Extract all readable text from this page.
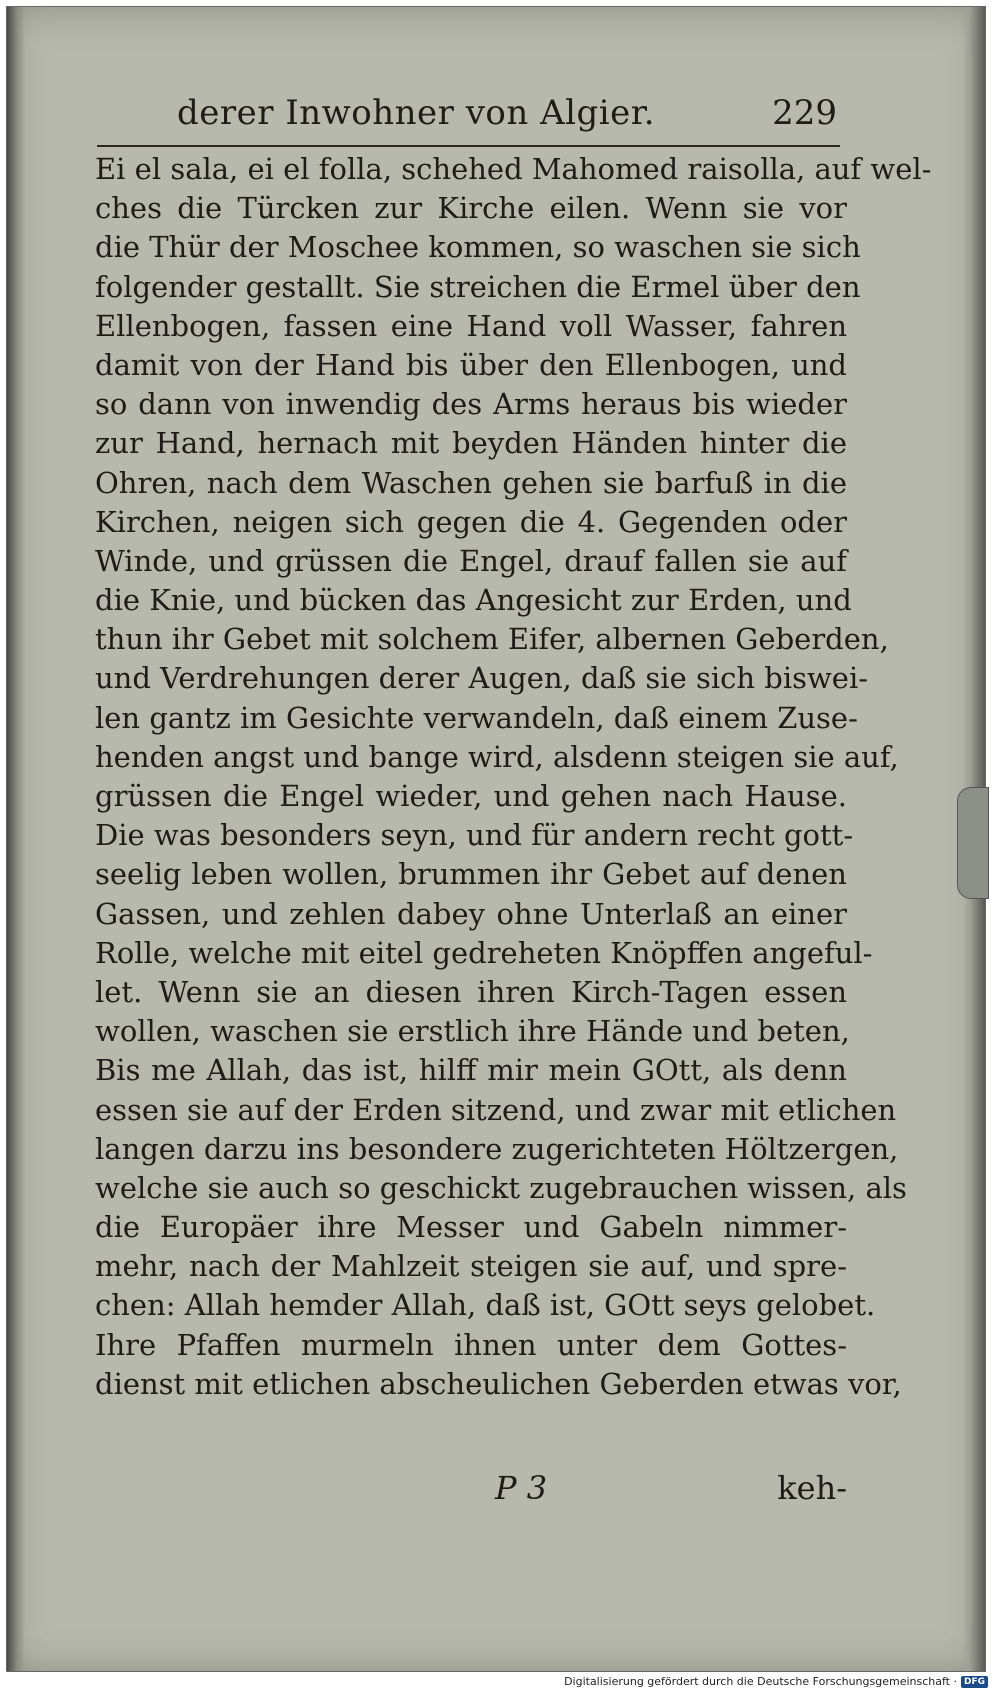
derer Inwohner von Algier.	229
Ei el sala, ei el folla, schehed Mahomed raisolla, auf wel-
ches die Türcken zur Kirche eilen. Wenn sie vor
die Thür der Moschee kommen, so waschen sie sich
folgender gestallt. Sie streichen die Ermel über den
Ellenbogen, fassen eine Hand voll Wasser, fahren
damit von der Hand bis über den Ellenbogen, und
so dann von inwendig des Arms heraus bis wieder
zur Hand, hernach mit beyden Händen hinter die
Ohren, nach dem Waschen gehen sie barfuß in die
Kirchen, neigen sich gegen die 4. Gegenden oder
Winde, und grüssen die Engel, drauf fallen sie auf
die Knie, und bücken das Angesicht zur Erden, und
thun ihr Gebet mit solchem Eifer, albernen Geberden,
und Verdrehungen derer Augen, daß sie sich biswei-
len gantz im Gesichte verwandeln, daß einem Zuse-
henden angst und bange wird, alsdenn steigen sie auf,
grüssen die Engel wieder, und gehen nach Hause.
Die was besonders seyn, und für andern recht gott-
seelig leben wollen, brummen ihr Gebet auf denen
Gassen, und zehlen dabey ohne Unterlaß an einer
Rolle, welche mit eitel gedreheten Knöpffen angeful-
let. Wenn sie an diesen ihren Kirch-Tagen essen
wollen, waschen sie erstlich ihre Hände und beten,
Bis me Allah, das ist, hilff mir mein GOtt, als denn
essen sie auf der Erden sitzend, und zwar mit etlichen
langen darzu ins besondere zugerichteten Höltzergen,
welche sie auch so geschickt zugebrauchen wissen, als
die Europäer ihre Messer und Gabeln nimmer-
mehr, nach der Mahlzeit steigen sie auf, und spre-
chen: Allah hemder Allah, daß ist, GOtt seys gelobet.
Ihre Pfaffen murmeln ihnen unter dem Gottes-
dienst mit etlichen abscheulichen Geberden etwas vor,
P 3	keh-
Digitalisierung gefördert durch die Deutsche Forschungsgemeinschaft · DFG
